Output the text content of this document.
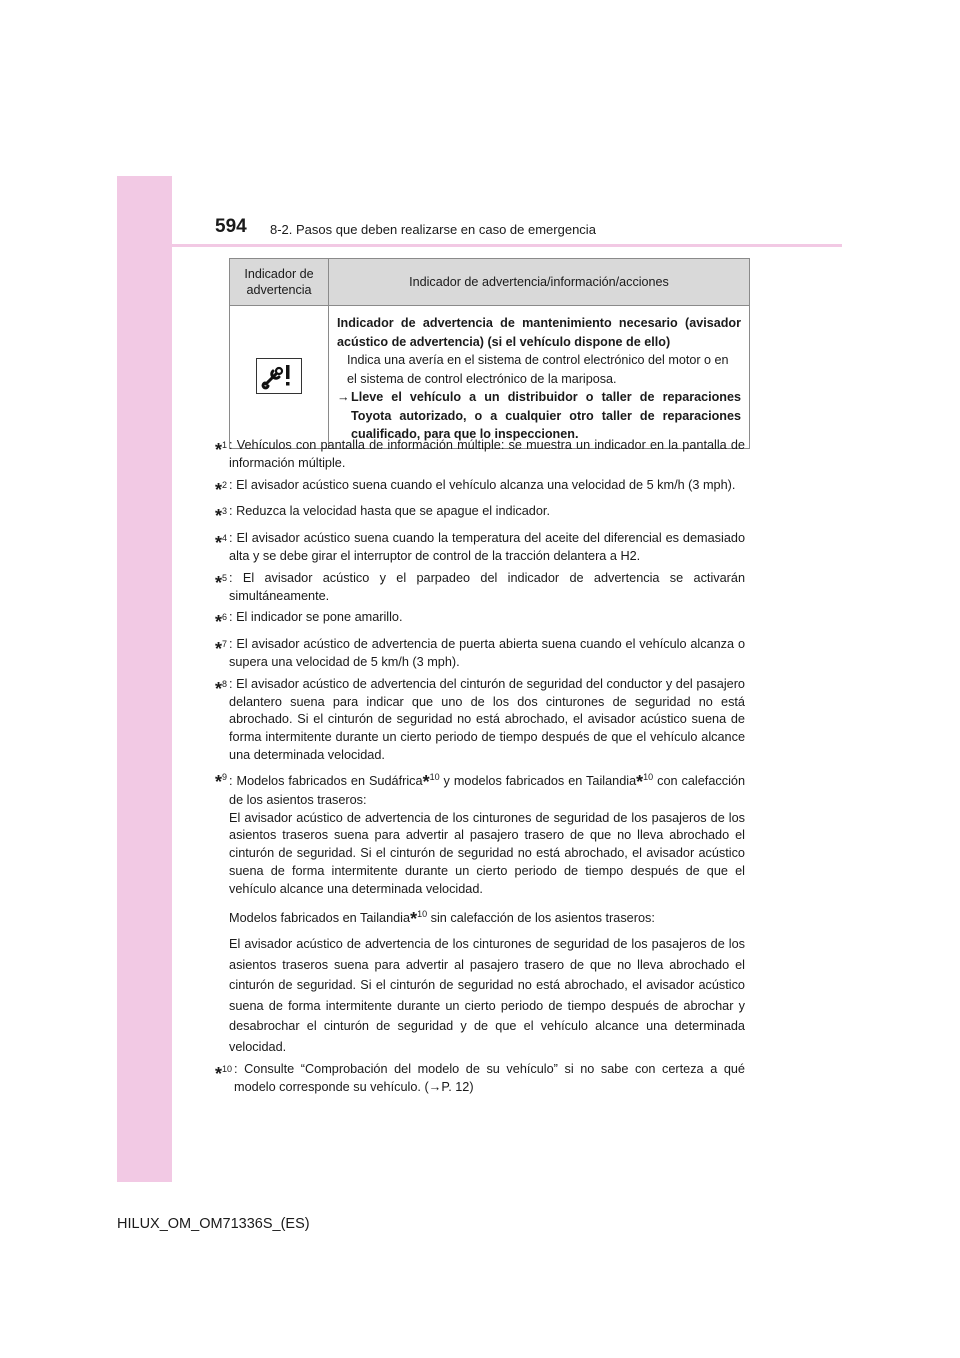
594 8-2. Pasos que deben realizarse en caso de emergencia
Indicador de advertencia	Indicador de advertencia/información/acciones

Indicador de advertencia de mantenimiento necesario (avisador acústico de advertencia) (si el vehículo dispone de ello)
Indica una avería en el sistema de control electrónico del motor o en el sistema de control electrónico de la mariposa.
→ Lleve el vehículo a un distribuidor o taller de reparaciones Toyota autorizado, o a cualquier otro taller de reparaciones cualificado, para que lo inspeccionen.
*$^1$ : Vehículos con pantalla de información múltiple: se muestra un indicador en la pantalla de información múltiple.
*$^2$ : El avisador acústico suena cuando el vehículo alcanza una velocidad de 5 km/h (3 mph).
*$^3$ : Reduzca la velocidad hasta que se apague el indicador.
*$^4$ : El avisador acústico suena cuando la temperatura del aceite del diferencial es demasiado alta y se debe girar el interruptor de control de la tracción delantera a H2.
*$^5$ : El avisador acústico y el parpadeo del indicador de advertencia se activarán simultáneamente.
*$^6$ : El indicador se pone amarillo.
*$^7$ : El avisador acústico de advertencia de puerta abierta suena cuando el vehículo alcanza o supera una velocidad de 5 km/h (3 mph).
*$^8$ : El avisador acústico de advertencia del cinturón de seguridad del conductor y del pasajero delantero suena para indicar que uno de los dos cinturones de seguridad no está abrochado. Si el cinturón de seguridad no está abrochado, el avisador acústico suena de forma intermitente durante un cierto periodo de tiempo después de que el vehículo alcance una determinada velocidad.
*$^9$ : Modelos fabricados en Sudáfrica*$^{10}$ y modelos fabricados en Tailandia*$^{10}$ con calefacción de los asientos traseros:
El avisador acústico de advertencia de los cinturones de seguridad de los pasajeros de los asientos traseros suena para advertir al pasajero trasero de que no lleva abrochado el cinturón de seguridad. Si el cinturón de seguridad no está abrochado, el avisador acústico suena de forma intermitente durante un cierto periodo de tiempo después de que el vehículo alcance una determinada velocidad.
Modelos fabricados en Tailandia*$^{10}$ sin calefacción de los asientos traseros:
El avisador acústico de advertencia de los cinturones de seguridad de los pasajeros de los asientos traseros suena para advertir al pasajero trasero de que no lleva abrochado el cinturón de seguridad. Si el cinturón de seguridad no está abrochado, el avisador acústico suena de forma intermitente durante un cierto periodo de tiempo después de abrochar y desabrochar el cinturón de seguridad y de que el vehículo alcance una determinada velocidad.
*$^{10}$ : Consulte “Comprobación del modelo de su vehículo” si no sabe con certeza a qué modelo corresponde su vehículo. (→P. 12)
HILUX_OM_OM71336S_(ES)
